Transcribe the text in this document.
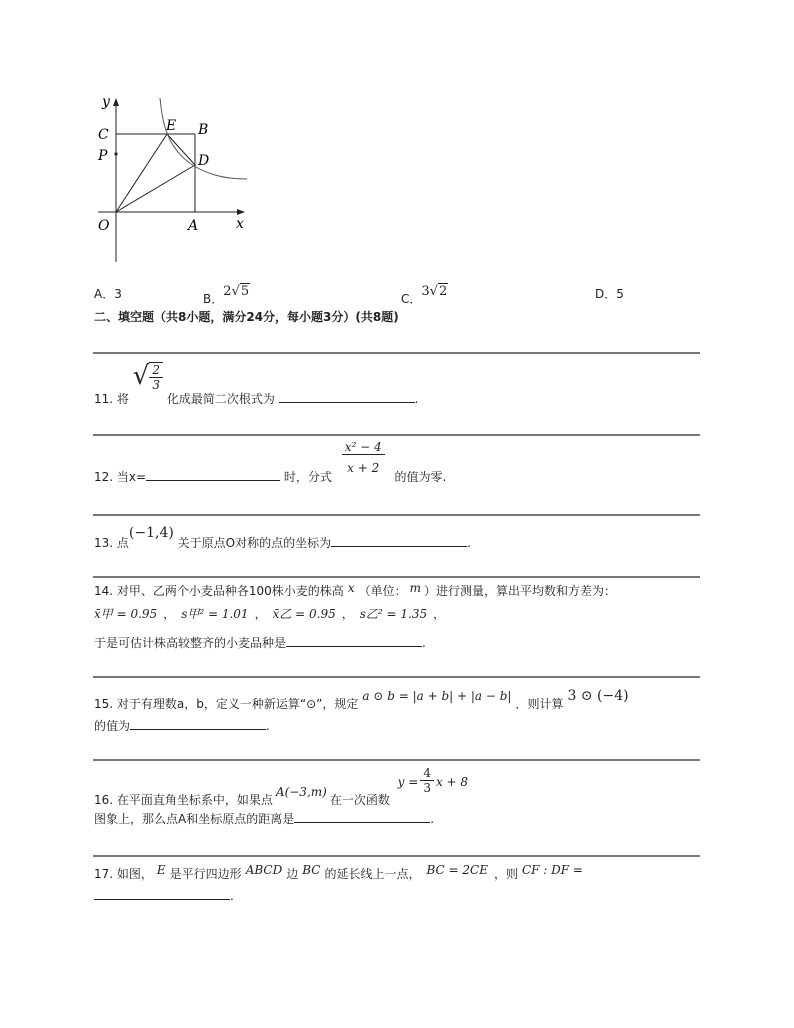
y
C
P
O	A	x
E B
D
A．3	B．2√5	C．3√2	D．5
二、填空题（共8小题，满分24分，每小题3分）(共8题)
11. 将 √ $\frac{2}{3}$
化成最简二次根式为	.
12. 当x=	时，分式
$\frac{\text{x² − 4}}{x + 2}$
的值为零.
13. 点(−1,4) 关于原点O对称的点的坐标为	.
14. 对甲、乙两个小麦品种各100株小麦的株高 x （单位： m ）进行测量，算出平均数和方差为：
x̄甲 = 0.95 ， s甲² = 1.01 ， x̄乙 = 0.95 ， s乙² = 1.35 ，
于是可估计株高较整齐的小麦品种是	.
15. 对于有理数a，b，定义一种新运算“⊙”，规定a ⊙ b = |a + b| + |a − b|．则计算 3 ⊙ (−4)
的值为	.
16. 在平面直角坐标系中，如果点A(−3,m)在一次函数 $y = \frac{4}{3}$ x + 8
图象上，那么点A和坐标原点的距离是	.
17. 如图， E 是平行四边形 ABCD 边 BC 的延长线上一点， BC = 2CE ，则 CF : DF =
.
